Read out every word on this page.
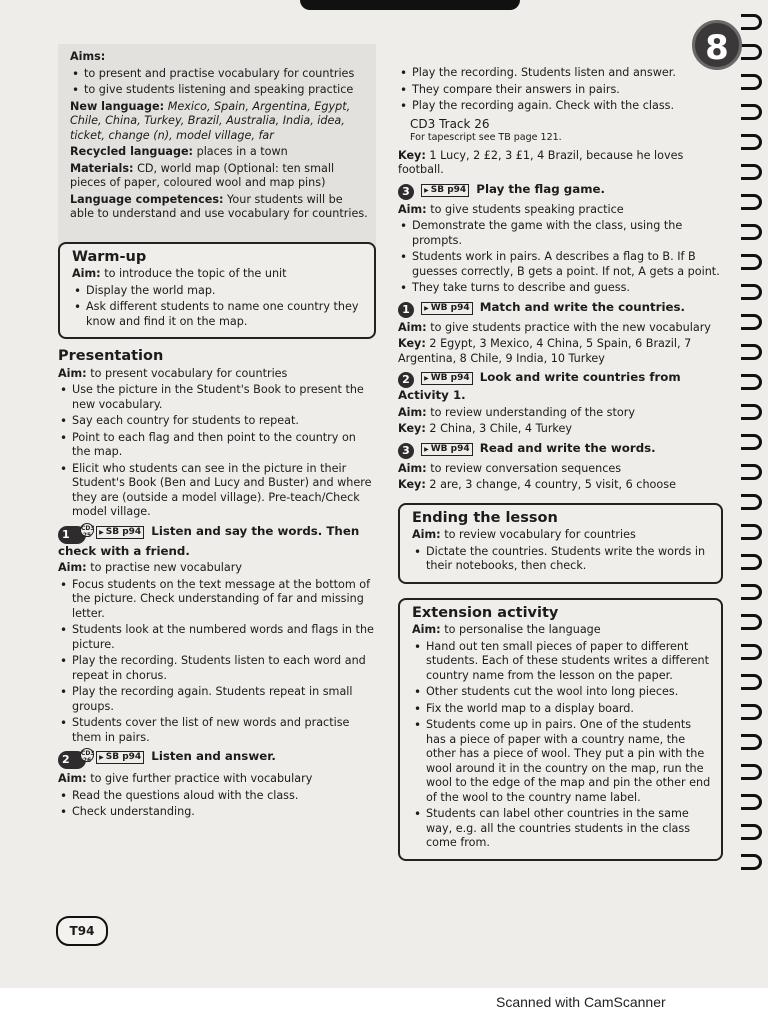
8

Aims:

• to present and practise vocabulary for countries
• to give students listening and speaking practice

New language: Mexico, Spain, Argentina, Egypt, Chile, China, Turkey, Brazil, Australia, India, idea, ticket, change (n), model village, far

Recycled language: places in a town

Materials: CD, world map (Optional: ten small pieces of paper, coloured wool and map pins)

Language competences: Your students will be able to understand and use vocabulary for countries.

Warm-up

Aim: to introduce the topic of the unit

• Display the world map.
• Ask different students to name one country they know and find it on the map.
Presentation

Aim: to present vocabulary for countries

• Use the picture in the Student's Book to present the new vocabulary.
• Say each country for students to repeat.
• Point to each flag and then point to the country on the map.
• Elicit who students can see in the picture in their Student's Book (Ben and Lucy and Buster) and where they are (outside a model village). Pre-teach/Check model village.
1 CD3 25	▶ SB p94 Listen and say the words. Then check with a friend.

Aim: to practise new vocabulary

• Focus students on the text message at the bottom of the picture. Check understanding of far and missing letter.
• Students look at the numbered words and flags in the picture.
• Play the recording. Students listen to each word and repeat in chorus.
• Play the recording again. Students repeat in small groups.
• Students cover the list of new words and practise them in pairs.
2 CD3 26	▶ SB p94 Listen and answer.

Aim: to give further practice with vocabulary

• Read the questions aloud with the class.
• Check understanding.
• Play the recording. Students listen and answer.
• They compare their answers in pairs.
• Play the recording again. Check with the class.

CD3 Track 26

For tapescript see TB page 121.

Key: 1 Lucy, 2 £2, 3 £1, 4 Brazil, because he loves football.

3 ▶ SB p94 Play the flag game.

Aim: to give students speaking practice

• Demonstrate the game with the class, using the prompts.
• Students work in pairs. A describes a flag to B. If B guesses correctly, B gets a point. If not, A gets a point.
• They take turns to describe and guess.
1 ▶ WB p94 Match and write the countries.

Aim: to give students practice with the new vocabulary

Key: 2 Egypt, 3 Mexico, 4 China, 5 Spain, 6 Brazil, 7 Argentina, 8 Chile, 9 India, 10 Turkey

2 ▶ WB p94 Look and write countries from Activity 1.

Aim: to review understanding of the story

Key: 2 China, 3 Chile, 4 Turkey

3 ▶ WB p94 Read and write the words.

Aim: to review conversation sequences

Key: 2 are, 3 change, 4 country, 5 visit, 6 choose

Ending the lesson

Aim: to review vocabulary for countries

• Dictate the countries. Students write the words in their notebooks, then check.
Extension activity

Aim: to personalise the language

• Hand out ten small pieces of paper to different students. Each of these students writes a different country name from the lesson on the paper.
• Other students cut the wool into long pieces.
• Fix the world map to a display board.
• Students come up in pairs. One of the students has a piece of paper with a country name, the other has a piece of wool. They put a pin with the wool around it in the country on the map, run the wool to the edge of the map and pin the other end of the wool to the country name label.
• Students can label other countries in the same way, e.g. all the countries students in the class come from.
T94
Scanned with CamScanner
